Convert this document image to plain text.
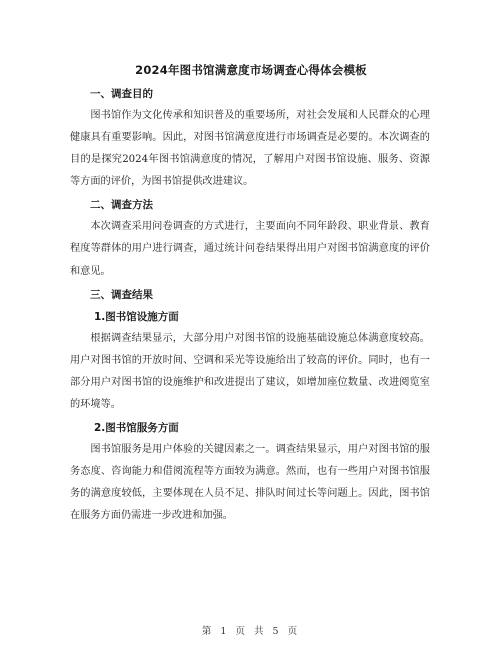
2024年图书馆满意度市场调查心得体会模板
一、调查目的

图书馆作为文化传承和知识普及的重要场所，对社会发展和人民群众的心理健康具有重要影响。因此，对图书馆满意度进行市场调查是必要的。本次调查的目的是探究2024年图书馆满意度的情况，了解用户对图书馆设施、服务、资源等方面的评价，为图书馆提供改进建议。

二、调查方法

本次调查采用问卷调查的方式进行，主要面向不同年龄段、职业背景、教育程度等群体的用户进行调查，通过统计问卷结果得出用户对图书馆满意度的评价和意见。

三、调查结果
1.图书馆设施方面

根据调查结果显示，大部分用户对图书馆的设施基础设施总体满意度较高。用户对图书馆的开放时间、空调和采光等设施给出了较高的评价。同时，也有一部分用户对图书馆的设施维护和改进提出了建议，如增加座位数量、改进阅览室的环境等。

2.图书馆服务方面

图书馆服务是用户体验的关键因素之一。调查结果显示，用户对图书馆的服务态度、咨询能力和借阅流程等方面较为满意。然而，也有一些用户对图书馆服务的满意度较低，主要体现在人员不足、排队时间过长等问题上。因此，图书馆在服务方面仍需进一步改进和加强。

第 1 页 共 5 页
